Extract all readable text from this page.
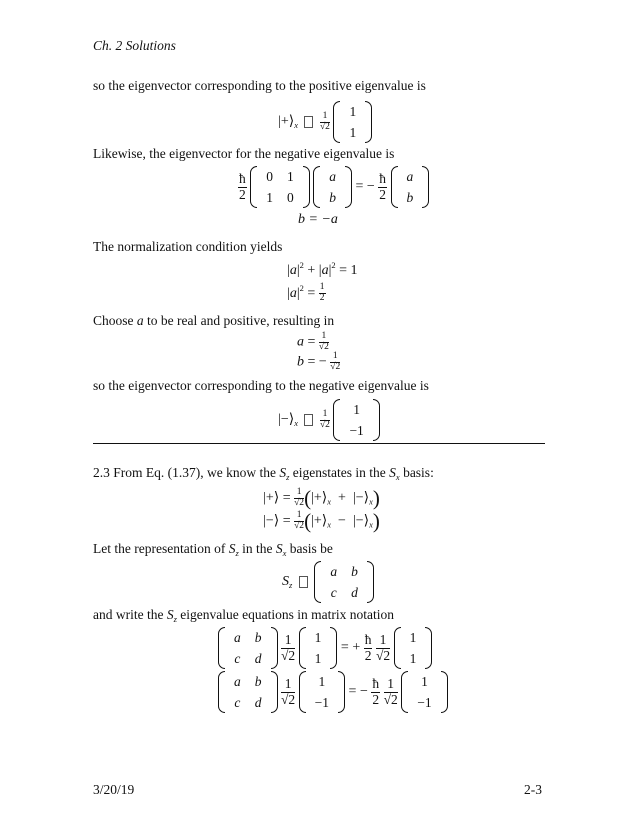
Ch. 2 Solutions
so the eigenvector corresponding to the positive eigenvalue is
$|+⟩_x \frac{1}{√2}$

1
1
Likewise, the eigenvector for the negative eigenvalue is
$\frac{ħ}{2}$
0	1
1	0

a
b
= − $\frac{ħ}{2}$
a
b
b = −a
The normalization condition yields
$|a|^2 + |a|^2 = 1$
$|a|^2 = \frac{1}{2}$
Choose a to be real and positive, resulting in
$a = \frac{1}{√2}$
b = − $\frac{1}{√2}$
so the eigenvector corresponding to the negative eigenvalue is
$|-⟩_x \frac{1}{√2}$

1
−1
2.3 From Eq. (1.37), we know the $S_z$ eigenstates in the $S_x$ basis:
|+⟩ = $\frac{1}{√2}$ ($|+⟩_x$ +  $|-⟩_x$)
|−⟩ = $\frac{1}{√2}$ ($|+⟩_x$ −  $|-⟩_x$)
Let the representation of $S_z$ in the $S_x$ basis be
$S_z$
a	b
c	d
and write the $S_z$ eigenvalue equations in matrix notation
a	b
c	d
$\frac{1}{√2}$
1
1
= + $\frac{ħ}{2}$
$\frac{1}{√2}$
1
1
a	b
c	d
$\frac{1}{√2}$
1
−1
= − $\frac{ħ}{2}$
$\frac{1}{√2}$
1
−1
3/20/19	2-3
